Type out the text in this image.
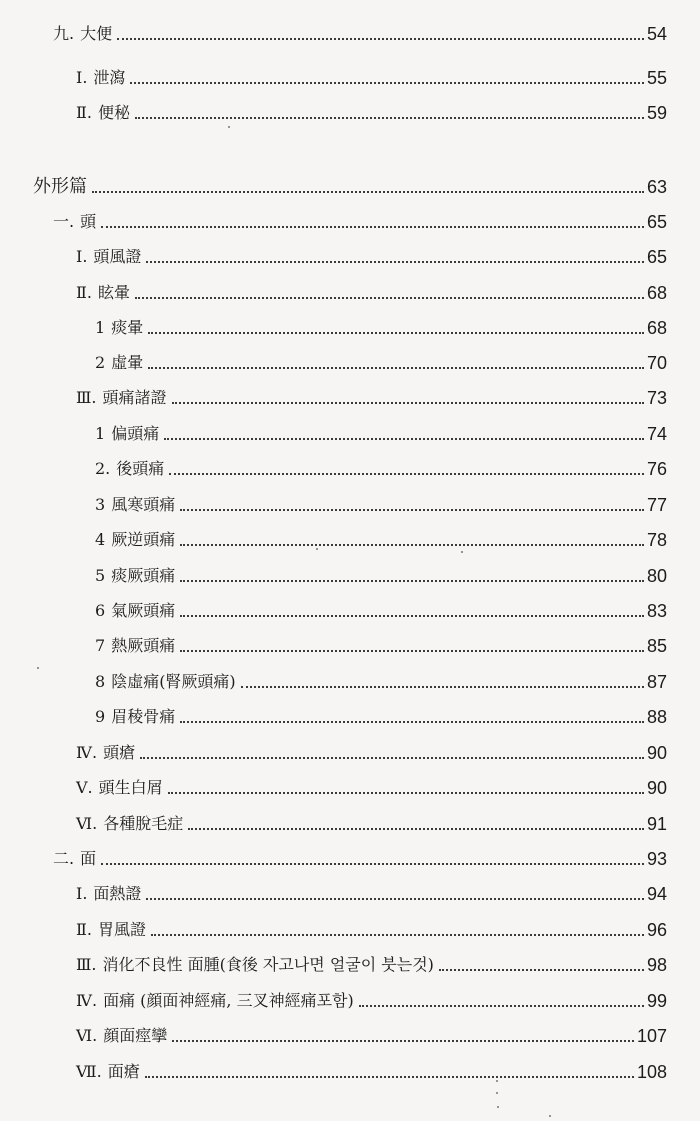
九. 大便	54
Ⅰ. 泄瀉	55
Ⅱ. 便秘	59
外形篇	63
一. 頭	65
Ⅰ. 頭風證	65
Ⅱ. 眩暈	68
1 痰暈	68
2 虛暈	70
Ⅲ. 頭痛諸證	73
1 偏頭痛	74
2. 後頭痛	76
3 風寒頭痛	77
4 厥逆頭痛	78
5 痰厥頭痛	80
6 氣厥頭痛	83
7 熱厥頭痛	85
8 陰虛痛(腎厥頭痛)	87
9 眉稜骨痛	88
Ⅳ. 頭瘡	90
Ⅴ. 頭生白屑	90
Ⅵ. 各種脫毛症	91
二. 面	93
Ⅰ. 面熱證	94
Ⅱ. 胃風證	96
Ⅲ. 消化不良性 面腫(食後 자고나면 얼굴이 붓는것)	98
Ⅳ. 面痛 (顔面神經痛, 三叉神經痛포함)	99
Ⅵ. 顔面痙攣	107
Ⅶ. 面瘡	108
